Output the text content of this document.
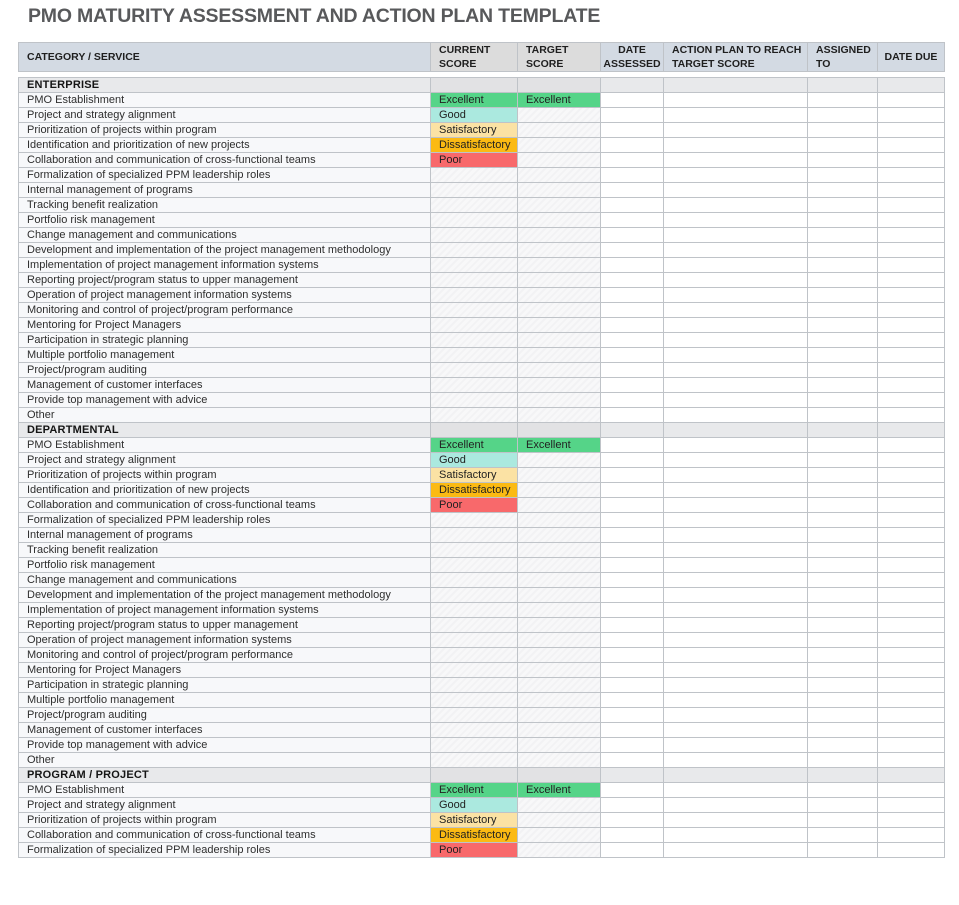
PMO MATURITY ASSESSMENT AND ACTION PLAN TEMPLATE
CATEGORY / SERVICE	CURRENT SCORE	TARGET SCORE	DATE ASSESSED	ACTION PLAN TO REACH TARGET SCORE	ASSIGNED TO	DATE DUE
ENTERPRISE						
PMO Establishment	Excellent	Excellent				
Project and strategy alignment	Good					
Prioritization of projects within program	Satisfactory					
Identification and prioritization of new projects	Dissatisfactory					
Collaboration and communication of cross-functional teams	Poor					
Formalization of specialized PPM leadership roles						
Internal management of programs						
Tracking benefit realization						
Portfolio risk management						
Change management and communications						
Development and implementation of the project management methodology						
Implementation of project management information systems						
Reporting project/program status to upper management						
Operation of project management information systems						
Monitoring and control of project/program performance						
Mentoring for Project Managers						
Participation in strategic planning						
Multiple portfolio management						
Project/program auditing						
Management of customer interfaces						
Provide top management with advice						
Other						
DEPARTMENTAL						
PMO Establishment	Excellent	Excellent				
Project and strategy alignment	Good					
Prioritization of projects within program	Satisfactory					
Identification and prioritization of new projects	Dissatisfactory					
Collaboration and communication of cross-functional teams	Poor					
Formalization of specialized PPM leadership roles						
Internal management of programs						
Tracking benefit realization						
Portfolio risk management						
Change management and communications						
Development and implementation of the project management methodology						
Implementation of project management information systems						
Reporting project/program status to upper management						
Operation of project management information systems						
Monitoring and control of project/program performance						
Mentoring for Project Managers						
Participation in strategic planning						
Multiple portfolio management						
Project/program auditing						
Management of customer interfaces						
Provide top management with advice						
Other						
PROGRAM / PROJECT						
PMO Establishment	Excellent	Excellent				
Project and strategy alignment	Good					
Prioritization of projects within program	Satisfactory					
Collaboration and communication of cross-functional teams	Dissatisfactory					
Formalization of specialized PPM leadership roles	Poor					
